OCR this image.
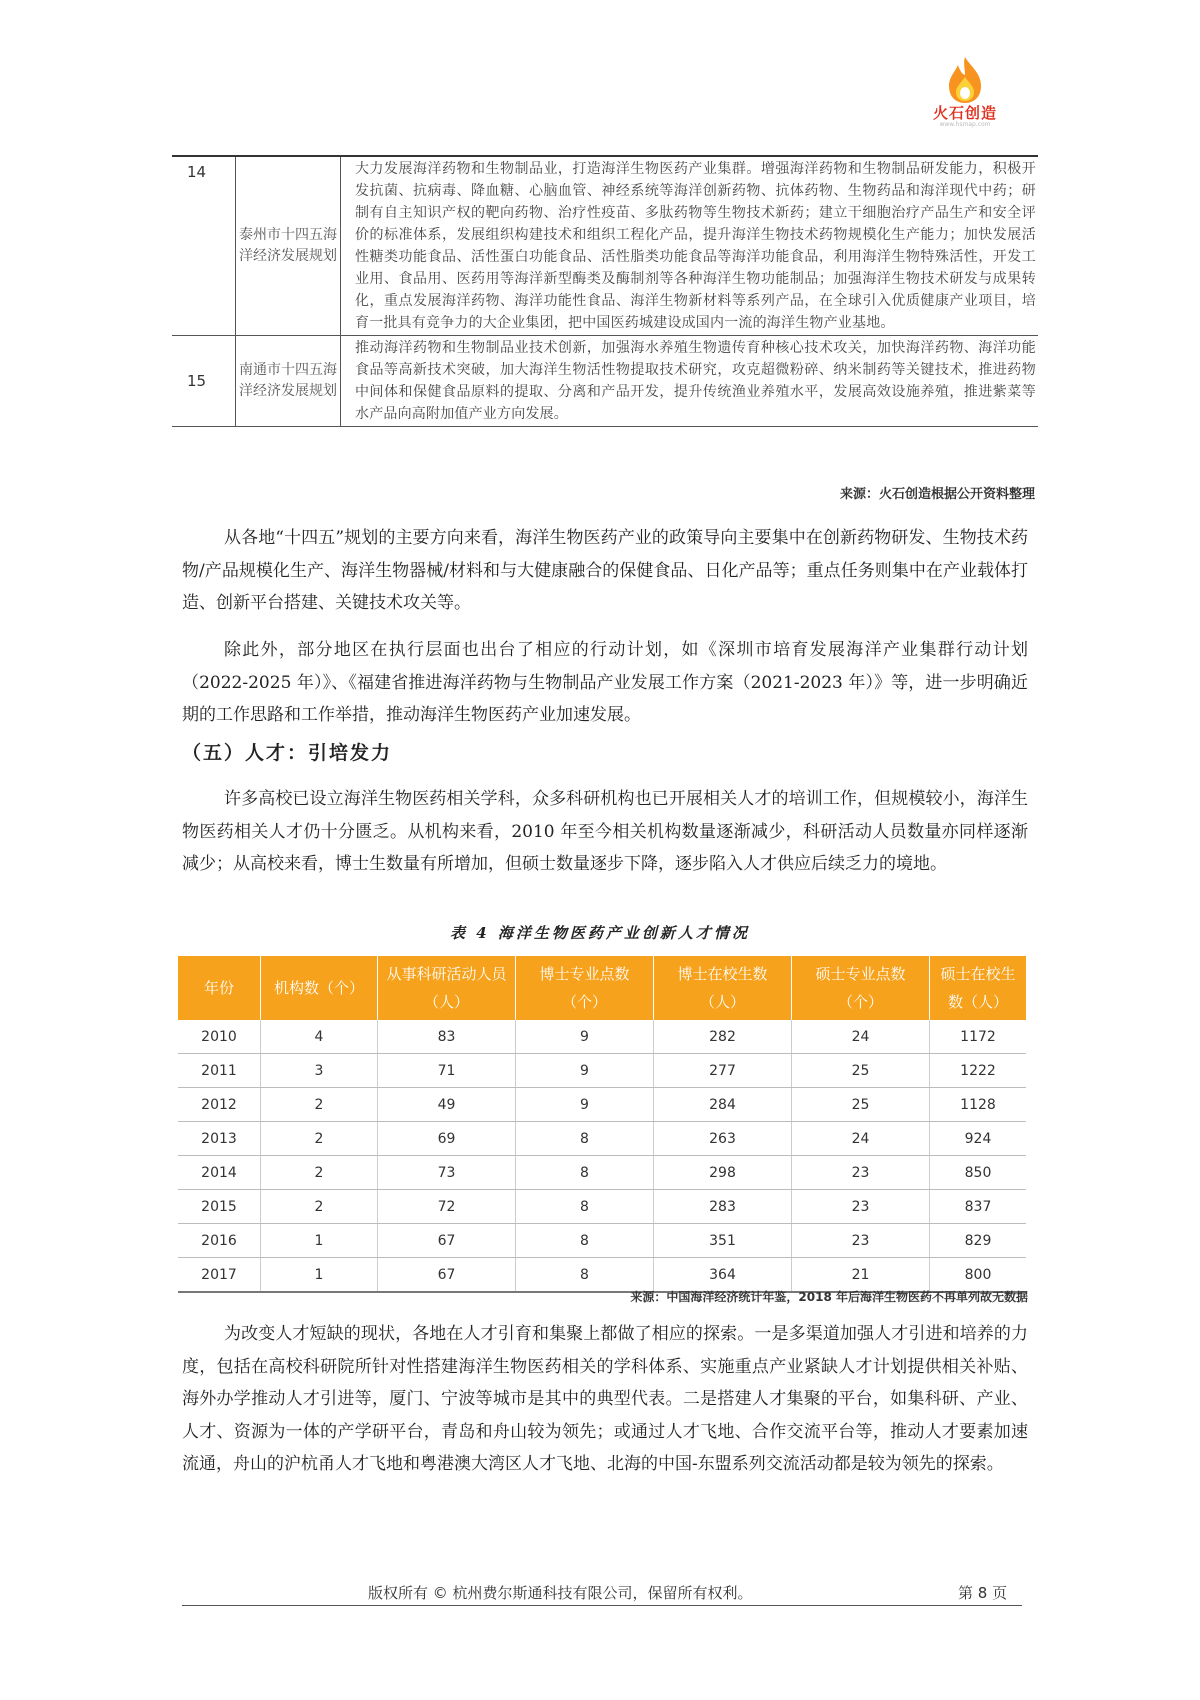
火石创造
www.hsmap.com
14	泰州市十四五海洋经济发展规划	大力发展海洋药物和生物制品业，打造海洋生物医药产业集群。增强海洋药物和生物制品研发能力，积极开发抗菌、抗病毒、降血糖、心脑血管、神经系统等海洋创新药物、抗体药物、生物药品和海洋现代中药；研制有自主知识产权的靶向药物、治疗性疫苗、多肽药物等生物技术新药；建立干细胞治疗产品生产和安全评价的标准体系，发展组织构建技术和组织工程化产品，提升海洋生物技术药物规模化生产能力；加快发展活性糖类功能食品、活性蛋白功能食品、活性脂类功能食品等海洋功能食品，利用海洋生物特殊活性，开发工业用、食品用、医药用等海洋新型酶类及酶制剂等各种海洋生物功能制品；加强海洋生物技术研发与成果转化，重点发展海洋药物、海洋功能性食品、海洋生物新材料等系列产品，在全球引入优质健康产业项目，培育一批具有竞争力的大企业集团，把中国医药城建设成国内一流的海洋生物产业基地。
15	南通市十四五海洋经济发展规划	推动海洋药物和生物制品业技术创新，加强海水养殖生物遗传育种核心技术攻关，加快海洋药物、海洋功能食品等高新技术突破，加大海洋生物活性物提取技术研究，攻克超微粉碎、纳米制药等关键技术，推进药物中间体和保健食品原料的提取、分离和产品开发，提升传统渔业养殖水平，发展高效设施养殖，推进紫菜等水产品向高附加值产业方向发展。
来源：火石创造根据公开资料整理

从各地“十四五”规划的主要方向来看，海洋生物医药产业的政策导向主要集中在创新药物研发、生物技术药物/产品规模化生产、海洋生物器械/材料和与大健康融合的保健食品、日化产品等；重点任务则集中在产业载体打造、创新平台搭建、关键技术攻关等。

除此外，部分地区在执行层面也出台了相应的行动计划，如《深圳市培育发展海洋产业集群行动计划（2022-2025 年）》、《福建省推进海洋药物与生物制品产业发展工作方案（2021-2023 年）》等，进一步明确近期的工作思路和工作举措，推动海洋生物医药产业加速发展。

（五）人才：引培发力

许多高校已设立海洋生物医药相关学科，众多科研机构也已开展相关人才的培训工作，但规模较小，海洋生物医药相关人才仍十分匮乏。从机构来看，2010 年至今相关机构数量逐渐减少，科研活动人员数量亦同样逐渐减少；从高校来看，博士生数量有所增加，但硕士数量逐步下降，逐步陷入人才供应后续乏力的境地。

表 4 海洋生物医药产业创新人才情况
年份	机构数（个）	从事科研活动人员（人）	博士专业点数（个）	博士在校生数（人）	硕士专业点数（个）	硕士在校生数（人）
2010	4	83	9	282	24	1172
2011	3	71	9	277	25	1222
2012	2	49	9	284	25	1128
2013	2	69	8	263	24	924
2014	2	73	8	298	23	850
2015	2	72	8	283	23	837
2016	1	67	8	351	23	829
2017	1	67	8	364	21	800
来源：中国海洋经济统计年鉴，2018 年后海洋生物医药不再单列故无数据

为改变人才短缺的现状，各地在人才引育和集聚上都做了相应的探索。一是多渠道加强人才引进和培养的力度，包括在高校科研院所针对性搭建海洋生物医药相关的学科体系、实施重点产业紧缺人才计划提供相关补贴、海外办学推动人才引进等，厦门、宁波等城市是其中的典型代表。二是搭建人才集聚的平台，如集科研、产业、人才、资源为一体的产学研平台，青岛和舟山较为领先；或通过人才飞地、合作交流平台等，推动人才要素加速流通，舟山的沪杭甬人才飞地和粤港澳大湾区人才飞地、北海的中国-东盟系列交流活动都是较为领先的探索。

版权所有 © 杭州费尔斯通科技有限公司，保留所有权利。	第 8 页
